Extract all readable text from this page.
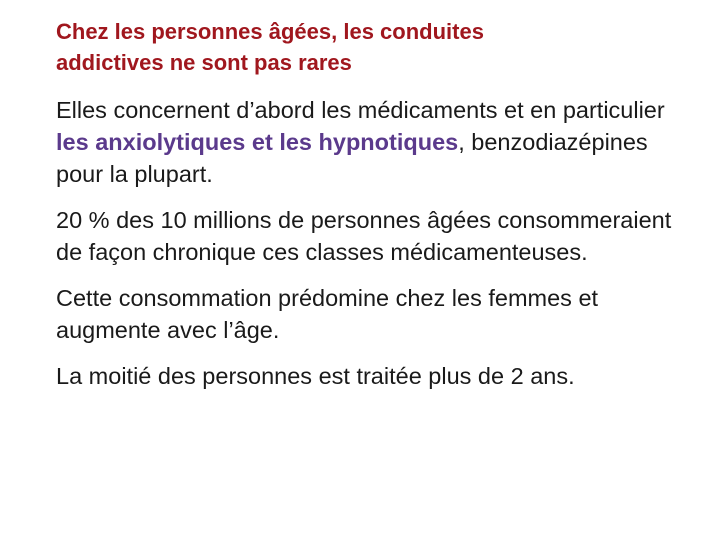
Chez les personnes âgées, les conduites
addictives ne sont pas rares

Elles concernent d’abord les médicaments et en particulier les anxiolytiques et les hypnotiques, benzodiazépines pour la plupart.

20 % des 10 millions de personnes âgées consommeraient de façon chronique ces classes médicamenteuses.

Cette consommation prédomine chez les femmes et augmente avec l’âge.

La moitié des personnes est traitée plus de 2 ans.
